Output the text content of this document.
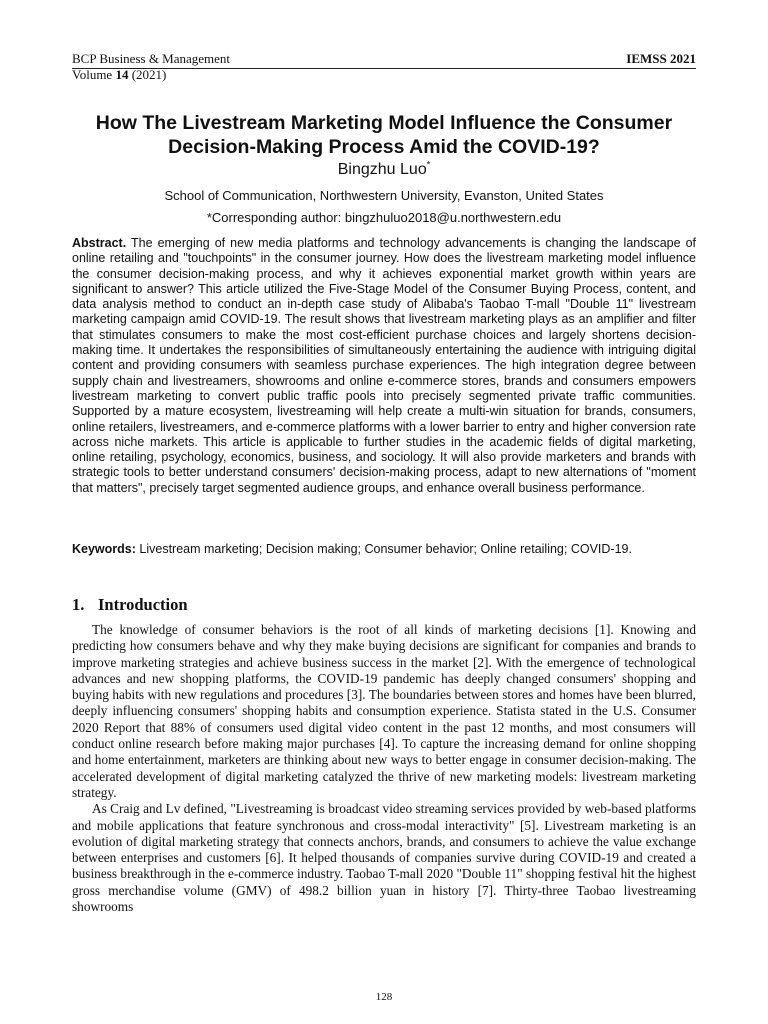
BCP Business & Management	IEMSS 2021
Volume 14 (2021)
How The Livestream Marketing Model Influence the Consumer
Decision-Making Process Amid the COVID-19?
Bingzhu Luo*
School of Communication, Northwestern University, Evanston, United States
*Corresponding author: bingzhuluo2018@u.northwestern.edu

Abstract. The emerging of new media platforms and technology advancements is changing the landscape of online retailing and "touchpoints" in the consumer journey. How does the livestream marketing model influence the consumer decision-making process, and why it achieves exponential market growth within years are significant to answer? This article utilized the Five-Stage Model of the Consumer Buying Process, content, and data analysis method to conduct an in-depth case study of Alibaba's Taobao T-mall "Double 11" livestream marketing campaign amid COVID-19. The result shows that livestream marketing plays as an amplifier and filter that stimulates consumers to make the most cost-efficient purchase choices and largely shortens decision-making time. It undertakes the responsibilities of simultaneously entertaining the audience with intriguing digital content and providing consumers with seamless purchase experiences. The high integration degree between supply chain and livestreamers, showrooms and online e-commerce stores, brands and consumers empowers livestream marketing to convert public traffic pools into precisely segmented private traffic communities. Supported by a mature ecosystem, livestreaming will help create a multi-win situation for brands, consumers, online retailers, livestreamers, and e-commerce platforms with a lower barrier to entry and higher conversion rate across niche markets. This article is applicable to further studies in the academic fields of digital marketing, online retailing, psychology, economics, business, and sociology. It will also provide marketers and brands with strategic tools to better understand consumers' decision-making process, adapt to new alternations of "moment that matters", precisely target segmented audience groups, and enhance overall business performance.

Keywords: Livestream marketing; Decision making; Consumer behavior; Online retailing; COVID-19.

1. Introduction

The knowledge of consumer behaviors is the root of all kinds of marketing decisions [1]. Knowing and predicting how consumers behave and why they make buying decisions are significant for companies and brands to improve marketing strategies and achieve business success in the market [2]. With the emergence of technological advances and new shopping platforms, the COVID-19 pandemic has deeply changed consumers' shopping and buying habits with new regulations and procedures [3]. The boundaries between stores and homes have been blurred, deeply influencing consumers' shopping habits and consumption experience. Statista stated in the U.S. Consumer 2020 Report that 88% of consumers used digital video content in the past 12 months, and most consumers will conduct online research before making major purchases [4]. To capture the increasing demand for online shopping and home entertainment, marketers are thinking about new ways to better engage in consumer decision-making. The accelerated development of digital marketing catalyzed the thrive of new marketing models: livestream marketing strategy.

As Craig and Lv defined, "Livestreaming is broadcast video streaming services provided by web-based platforms and mobile applications that feature synchronous and cross-modal interactivity" [5]. Livestream marketing is an evolution of digital marketing strategy that connects anchors, brands, and consumers to achieve the value exchange between enterprises and customers [6]. It helped thousands of companies survive during COVID-19 and created a business breakthrough in the e-commerce industry. Taobao T-mall 2020 "Double 11" shopping festival hit the highest gross merchandise volume (GMV) of 498.2 billion yuan in history [7]. Thirty-three Taobao livestreaming showrooms

128
